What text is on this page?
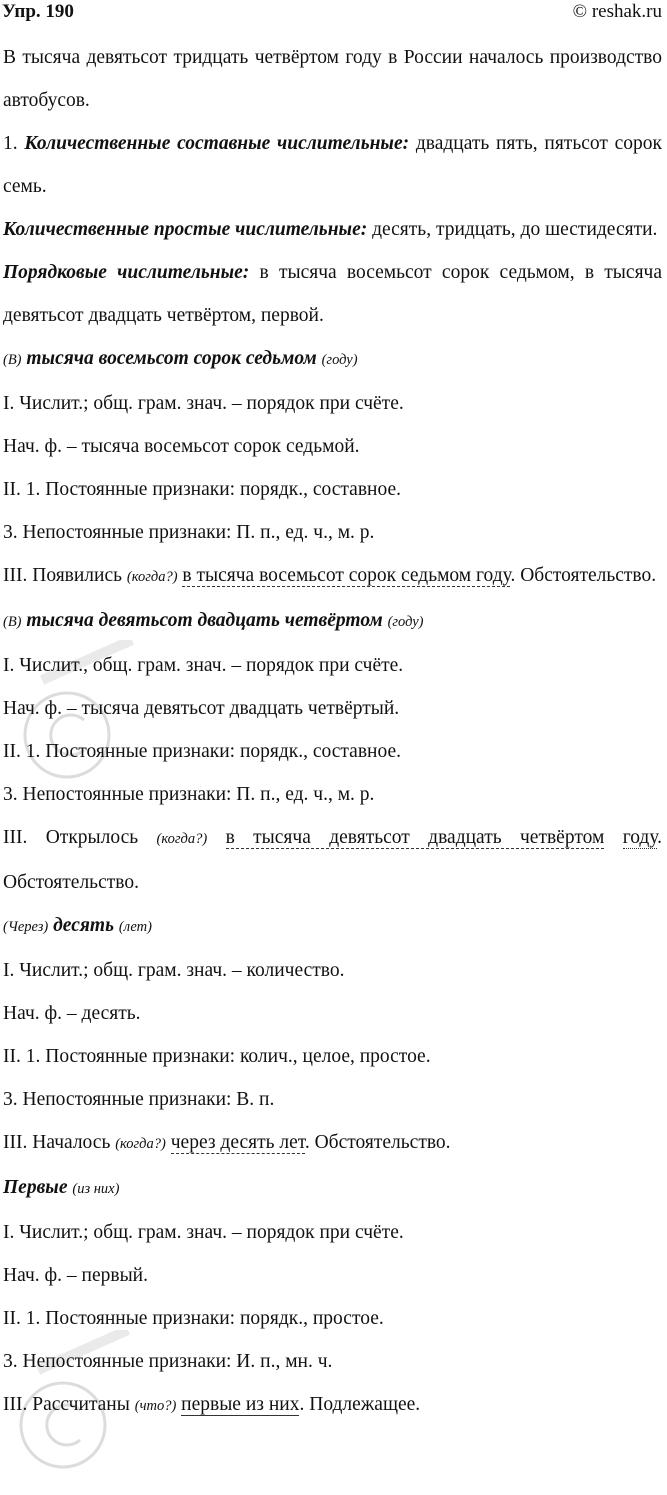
Упр. 190	© reshak.ru

В тысяча девятьсот тридцать четвёртом году в России началось производство автобусов.

1. Количественные составные числительные: двадцать пять, пятьсот сорок семь.

Количественные простые числительные: десять, тридцать, до шестидесяти.

Порядковые числительные: в тысяча восемьсот сорок седьмом, в тысяча девятьсот двадцать четвёртом, первой.

(В) тысяча восемьсот сорок седьмом (году)

I. Числит.; общ. грам. знач. – порядок при счёте.

Нач. ф. – тысяча восемьсот сорок седьмой.

II. 1. Постоянные признаки: порядк., составное.

3. Непостоянные признаки: П. п., ед. ч., м. р.

III. Появились (когда?) в тысяча восемьсот сорок седьмом году. Обстоятельство.

(В) тысяча девятьсот двадцать четвёртом (году)

I. Числит., общ. грам. знач. – порядок при счёте.

Нач. ф. – тысяча девятьсот двадцать четвёртый.

II. 1. Постоянные признаки: порядк., составное.

3. Непостоянные признаки: П. п., ед. ч., м. р.

III. Открылось (когда?) в тысяча девятьсот двадцать четвёртом году. Обстоятельство.

(Через) десять (лет)

I. Числит.; общ. грам. знач. – количество.

Нач. ф. – десять.

II. 1. Постоянные признаки: колич., целое, простое.

3. Непостоянные признаки: В. п.

III. Началось (когда?) через десять лет. Обстоятельство.

Первые (из них)

I. Числит.; общ. грам. знач. – порядок при счёте.

Нач. ф. – первый.

II. 1. Постоянные признаки: порядк., простое.

3. Непостоянные признаки: И. п., мн. ч.

III. Рассчитаны (что?) первые из них. Подлежащее.
